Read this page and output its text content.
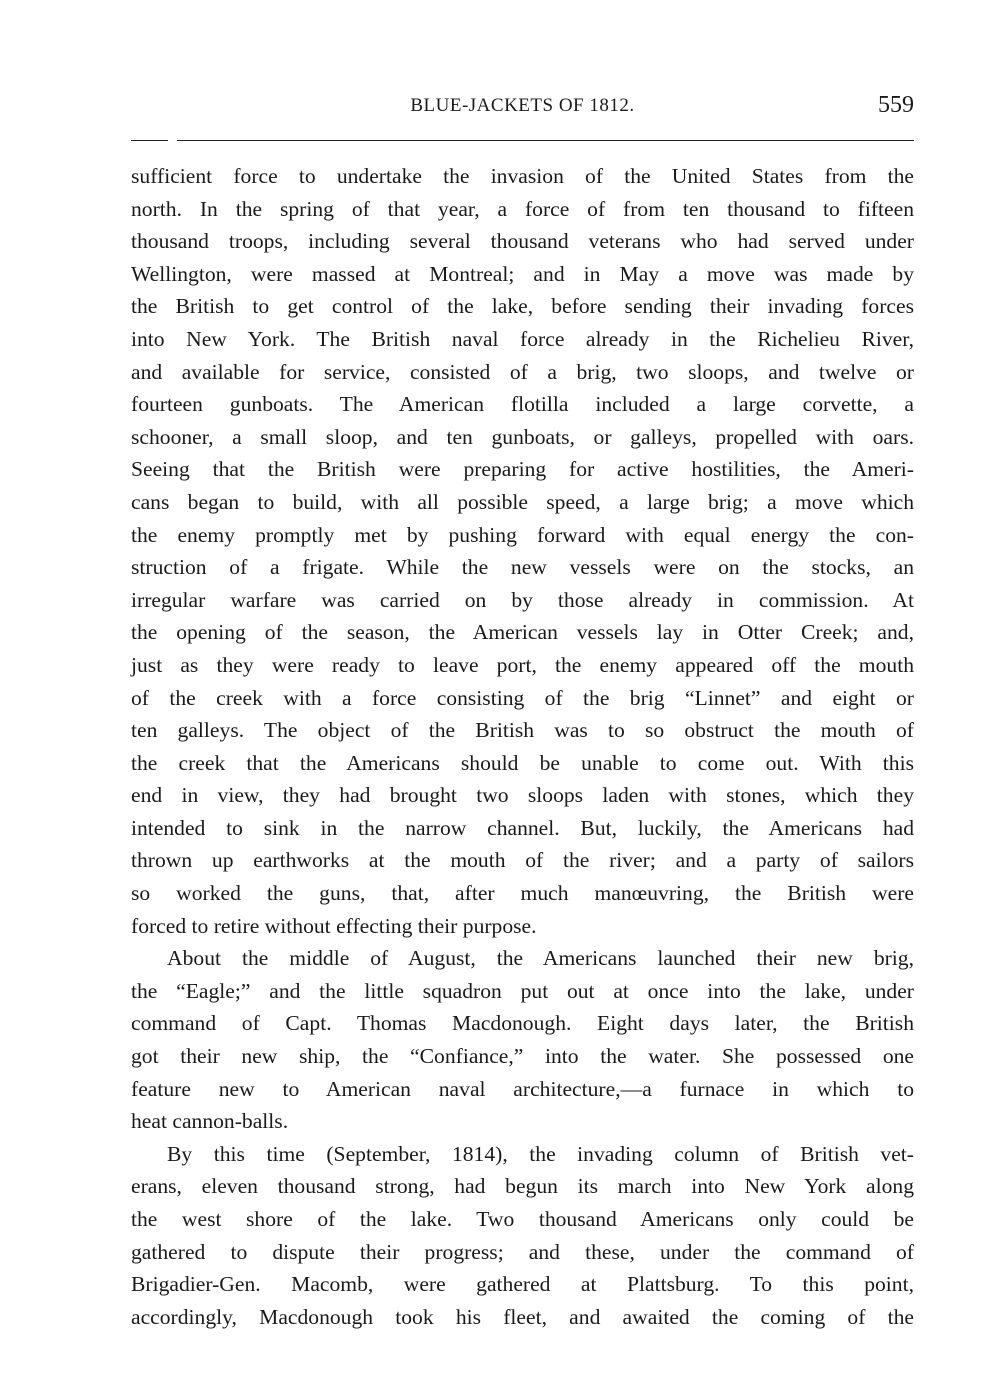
BLUE-JACKETS OF 1812.	559
sufficient force to undertake the invasion of the United States from the
north. In the spring of that year, a force of from ten thousand to fifteen
thousand troops, including several thousand veterans who had served under
Wellington, were massed at Montreal; and in May a move was made by
the British to get control of the lake, before sending their invading forces
into New York. The British naval force already in the Richelieu River,
and available for service, consisted of a brig, two sloops, and twelve or
fourteen gunboats. The American flotilla included a large corvette, a
schooner, a small sloop, and ten gunboats, or galleys, propelled with oars.
Seeing that the British were preparing for active hostilities, the Ameri-
cans began to build, with all possible speed, a large brig; a move which
the enemy promptly met by pushing forward with equal energy the con-
struction of a frigate. While the new vessels were on the stocks, an
irregular warfare was carried on by those already in commission. At
the opening of the season, the American vessels lay in Otter Creek; and,
just as they were ready to leave port, the enemy appeared off the mouth
of the creek with a force consisting of the brig “Linnet” and eight or
ten galleys. The object of the British was to so obstruct the mouth of
the creek that the Americans should be unable to come out. With this
end in view, they had brought two sloops laden with stones, which they
intended to sink in the narrow channel. But, luckily, the Americans had
thrown up earthworks at the mouth of the river; and a party of sailors
so worked the guns, that, after much manœuvring, the British were
forced to retire without effecting their purpose.
About the middle of August, the Americans launched their new brig,
the “Eagle;” and the little squadron put out at once into the lake, under
command of Capt. Thomas Macdonough. Eight days later, the British
got their new ship, the “Confiance,” into the water. She possessed one
feature new to American naval architecture,—a furnace in which to
heat cannon-balls.
By this time (September, 1814), the invading column of British vet-
erans, eleven thousand strong, had begun its march into New York along
the west shore of the lake. Two thousand Americans only could be
gathered to dispute their progress; and these, under the command of
Brigadier-Gen. Macomb, were gathered at Plattsburg. To this point,
accordingly, Macdonough took his fleet, and awaited the coming of the
